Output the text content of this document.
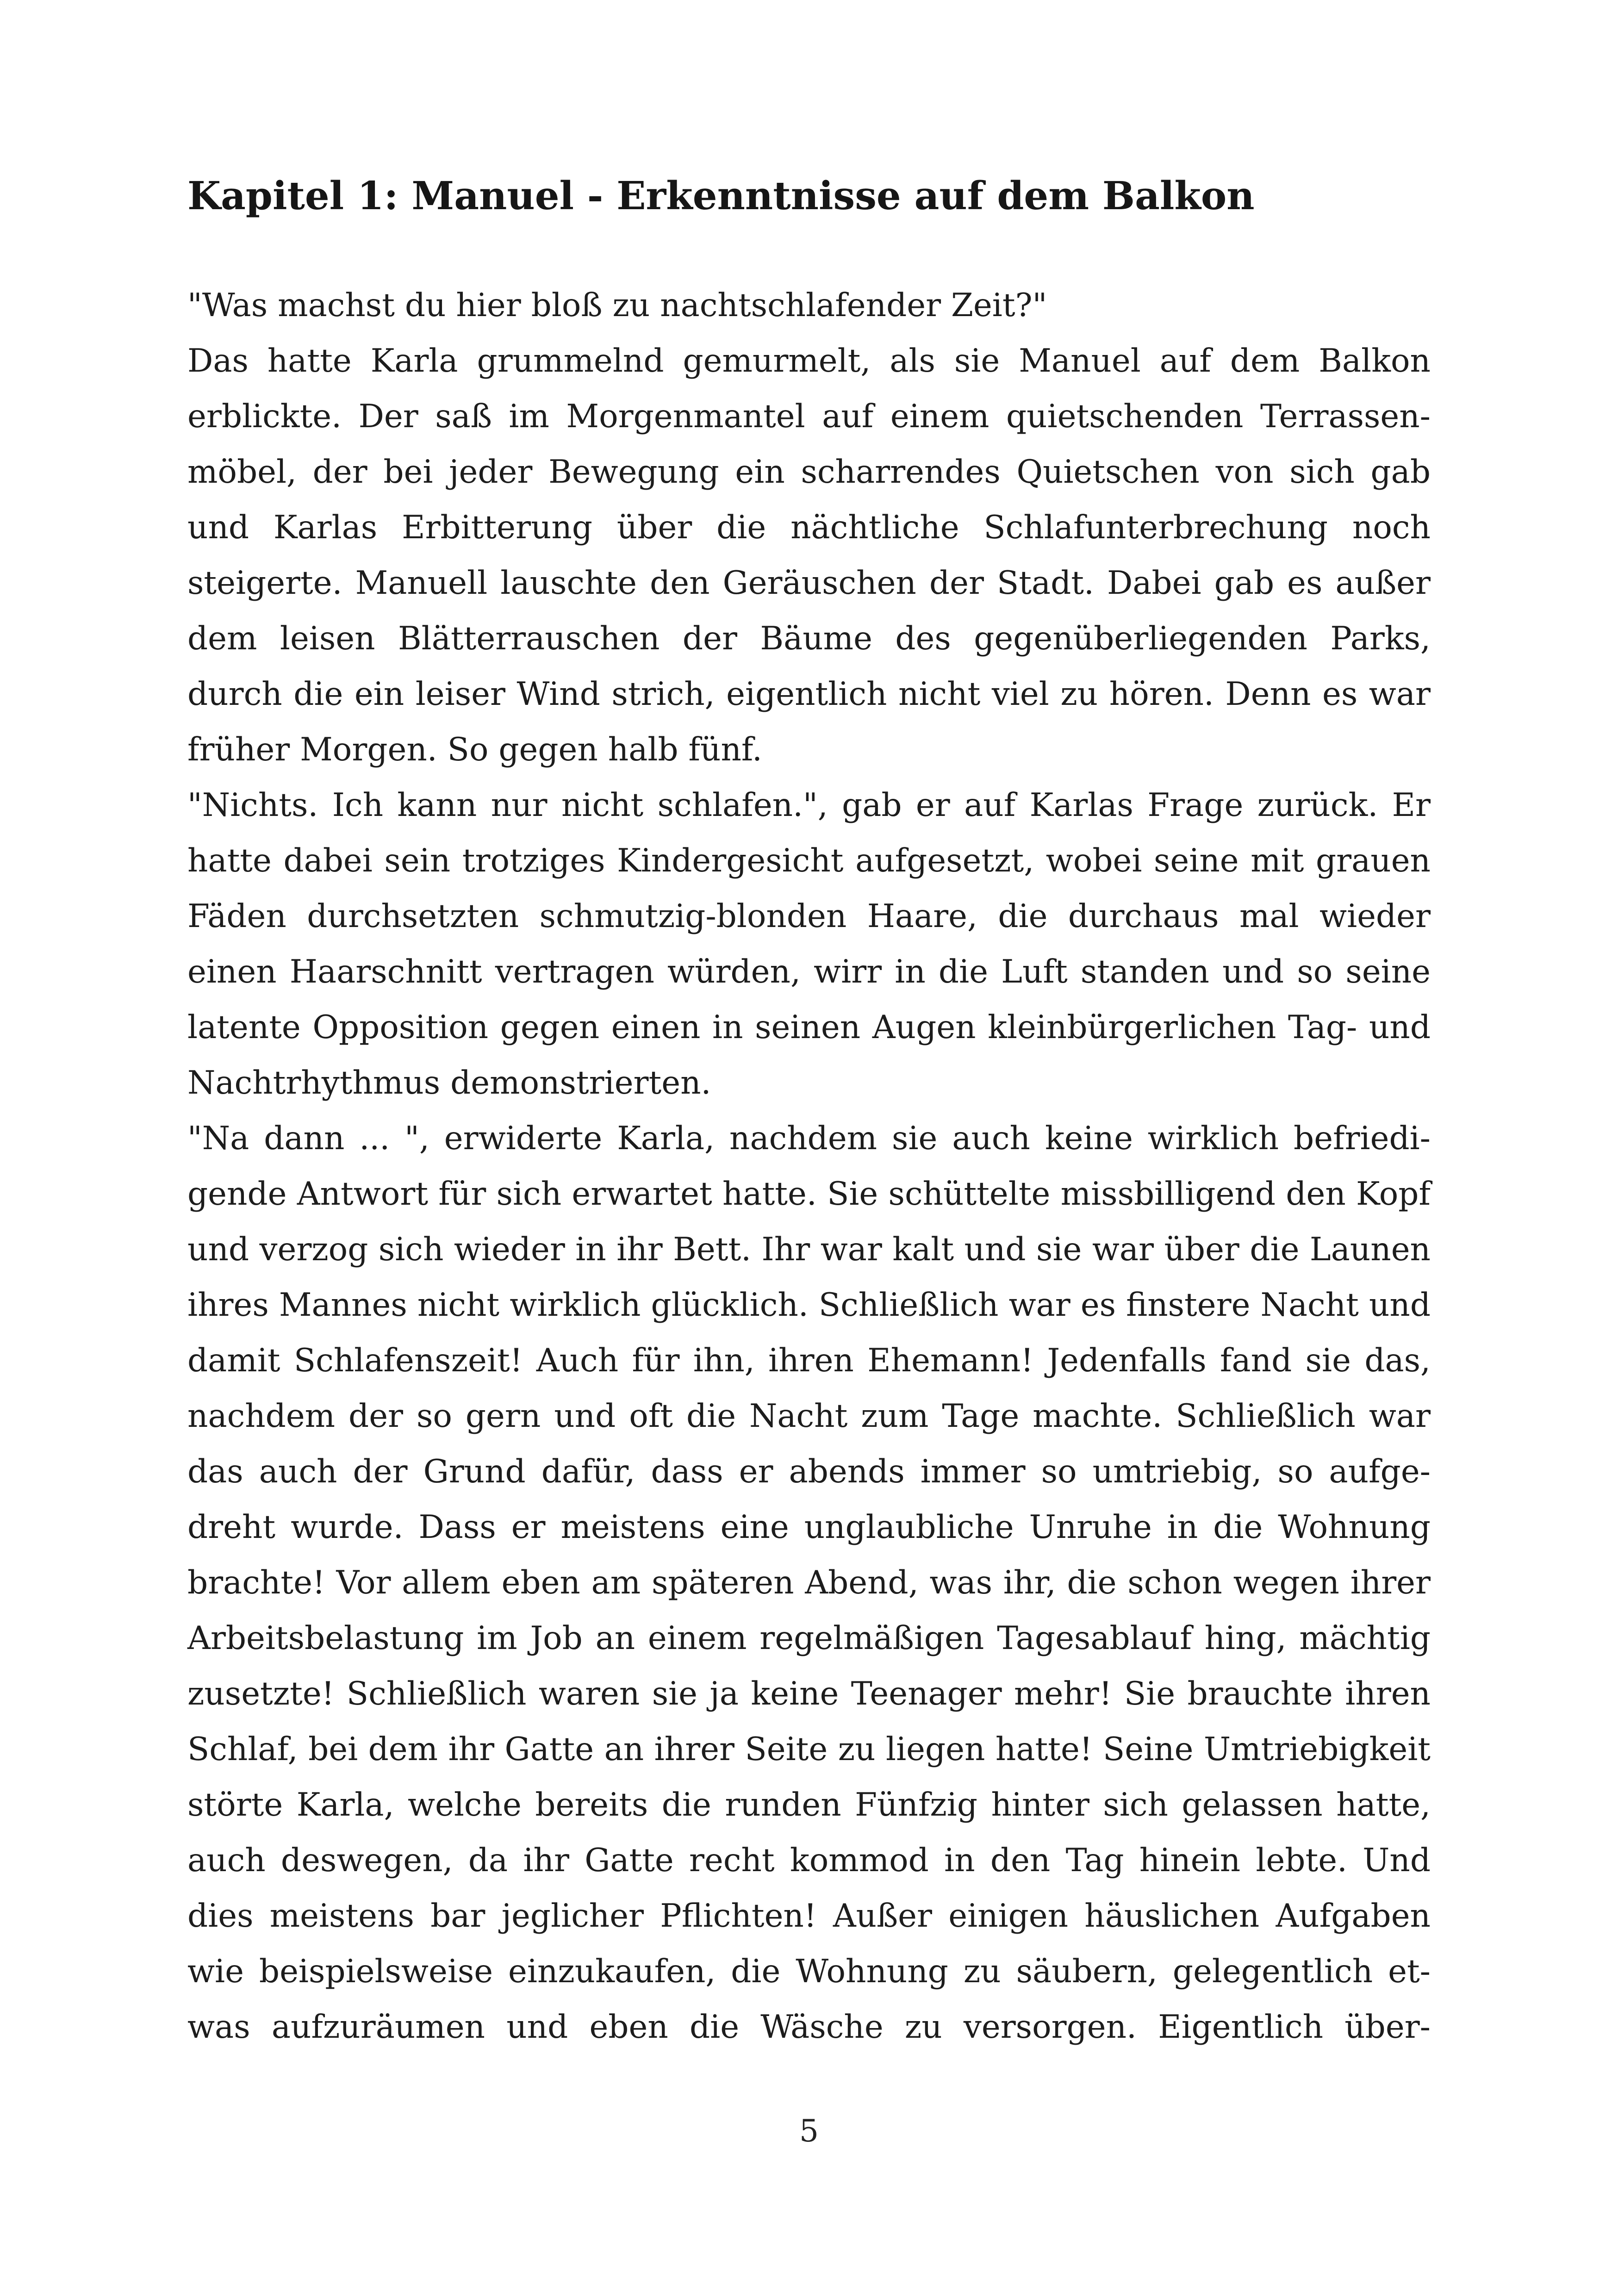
Kapitel 1: Manuel - Erkenntnisse auf dem Balkon
"Was machst du hier bloß zu nachtschlafender Zeit?"
Das hatte Karla grummelnd gemurmelt, als sie Manuel auf dem Balkon
erblickte. Der saß im Morgenmantel auf einem quietschenden Terrassen-
möbel, der bei jeder Bewegung ein scharrendes Quietschen von sich gab
und Karlas Erbitterung über die nächtliche Schlafunterbrechung noch
steigerte. Manuell lauschte den Geräuschen der Stadt. Dabei gab es außer
dem leisen Blätterrauschen der Bäume des gegenüberliegenden Parks,
durch die ein leiser Wind strich, eigentlich nicht viel zu hören. Denn es war
früher Morgen. So gegen halb fünf.
"Nichts. Ich kann nur nicht schlafen.", gab er auf Karlas Frage zurück. Er
hatte dabei sein trotziges Kindergesicht aufgesetzt, wobei seine mit grauen
Fäden durchsetzten schmutzig-blonden Haare, die durchaus mal wieder
einen Haarschnitt vertragen würden, wirr in die Luft standen und so seine
latente Opposition gegen einen in seinen Augen kleinbürgerlichen Tag- und
Nachtrhythmus demonstrierten.
"Na dann ... ", erwiderte Karla, nachdem sie auch keine wirklich befriedi-
gende Antwort für sich erwartet hatte. Sie schüttelte missbilligend den Kopf
und verzog sich wieder in ihr Bett. Ihr war kalt und sie war über die Launen
ihres Mannes nicht wirklich glücklich. Schließlich war es finstere Nacht und
damit Schlafenszeit! Auch für ihn, ihren Ehemann! Jedenfalls fand sie das,
nachdem der so gern und oft die Nacht zum Tage machte. Schließlich war
das auch der Grund dafür, dass er abends immer so umtriebig, so aufge-
dreht wurde. Dass er meistens eine unglaubliche Unruhe in die Wohnung
brachte! Vor allem eben am späteren Abend, was ihr, die schon wegen ihrer
Arbeitsbelastung im Job an einem regelmäßigen Tagesablauf hing, mächtig
zusetzte! Schließlich waren sie ja keine Teenager mehr! Sie brauchte ihren
Schlaf, bei dem ihr Gatte an ihrer Seite zu liegen hatte! Seine Umtriebigkeit
störte Karla, welche bereits die runden Fünfzig hinter sich gelassen hatte,
auch deswegen, da ihr Gatte recht kommod in den Tag hinein lebte. Und
dies meistens bar jeglicher Pflichten! Außer einigen häuslichen Aufgaben
wie beispielsweise einzukaufen, die Wohnung zu säubern, gelegentlich et-
was aufzuräumen und eben die Wäsche zu versorgen. Eigentlich über-
5
